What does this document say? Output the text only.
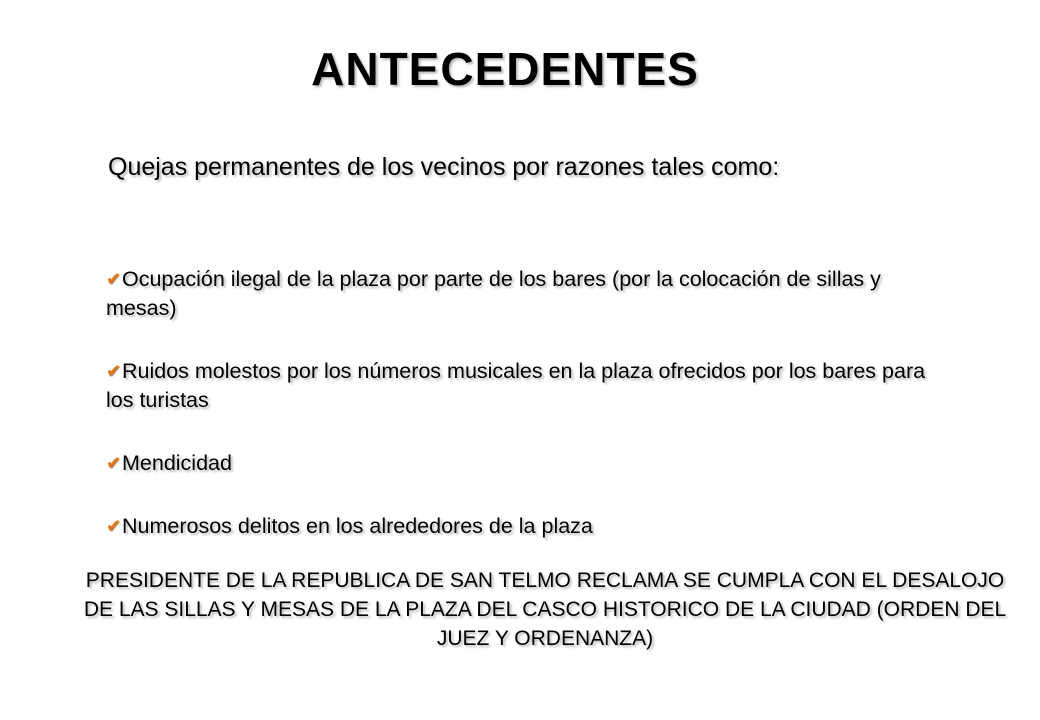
ANTECEDENTES
Quejas permanentes de los vecinos por razones tales como:
✔Ocupación ilegal de la plaza por parte de los bares (por la colocación de sillas y mesas)
✔Ruidos molestos por los números musicales en la plaza ofrecidos por los bares para los turistas
✔Mendicidad
✔Numerosos delitos en los alrededores de la plaza
PRESIDENTE DE LA REPUBLICA DE SAN TELMO RECLAMA SE CUMPLA CON EL DESALOJO DE LAS SILLAS Y MESAS DE LA PLAZA DEL CASCO HISTORICO DE LA CIUDAD (ORDEN DEL JUEZ Y ORDENANZA)
